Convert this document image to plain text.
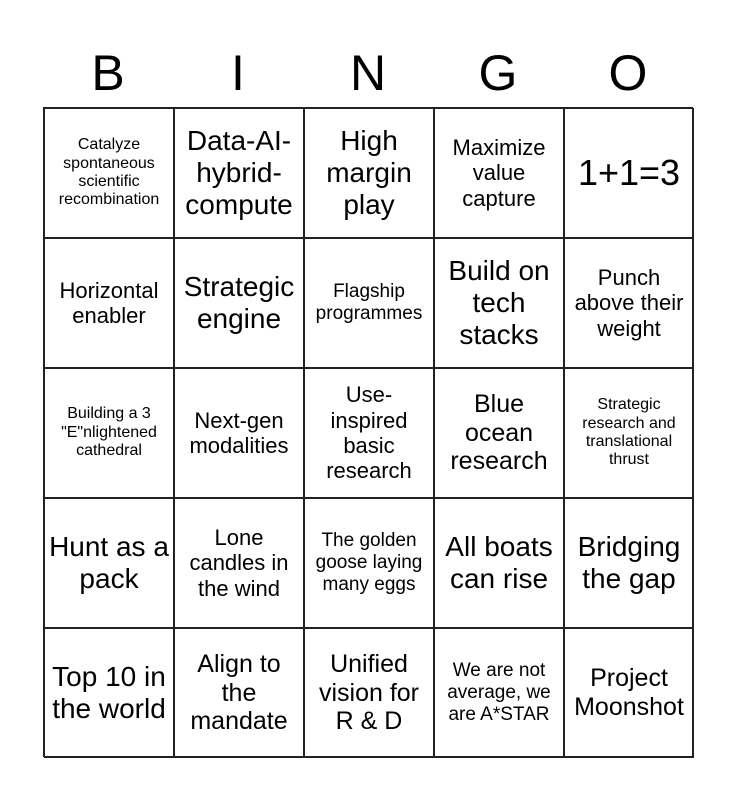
B	I	N	G	O
Catalyze spontaneous scientific recombination
Data-AI-hybrid-compute
High margin play
Maximize value capture
1+1=3
Horizontal enabler
Strategic engine
Flagship programmes
Build on tech stacks
Punch above their weight
Building a 3 "E"nlightened cathedral
Next-gen modalities
Use-inspired basic research
Blue ocean research
Strategic research and translational thrust
Hunt as a pack
Lone candles in the wind
The golden goose laying many eggs
All boats can rise
Bridging the gap
Top 10 in the world
Align to the mandate
Unified vision for R & D
We are not average, we are A*STAR
Project Moonshot
